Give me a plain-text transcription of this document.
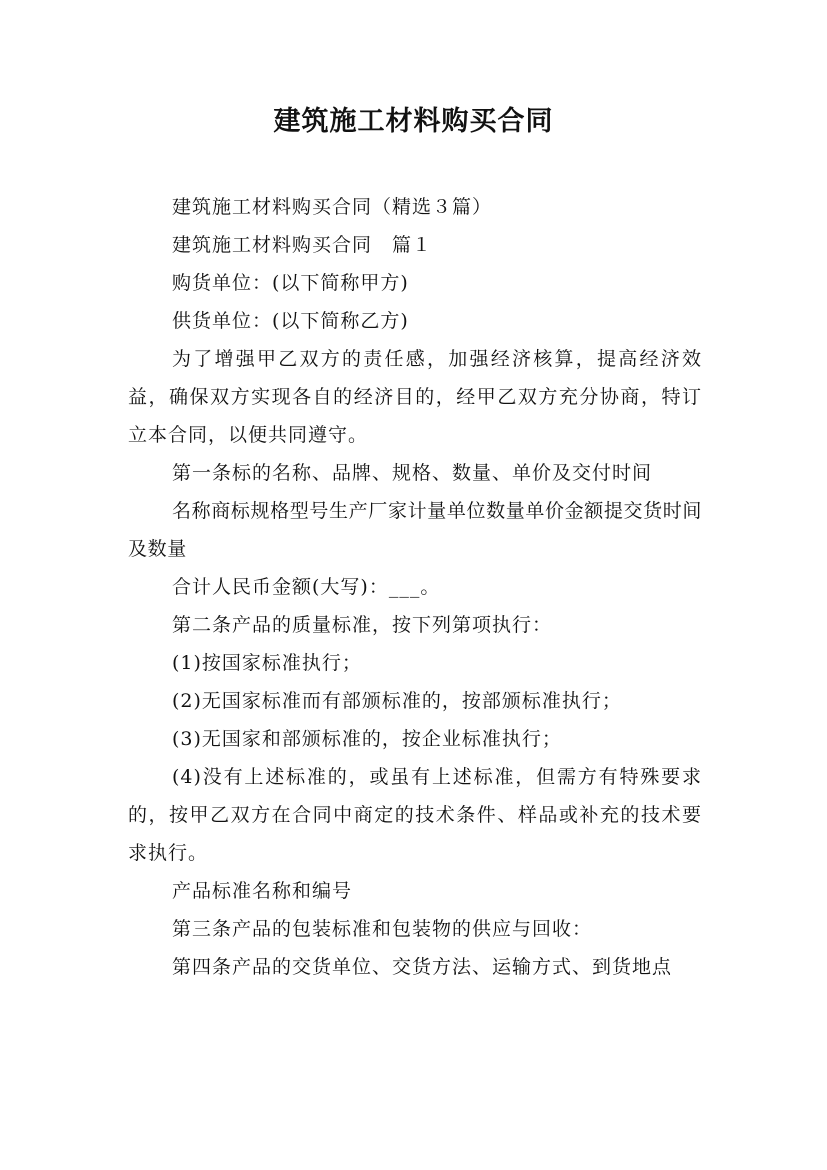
建筑施工材料购买合同

建筑施工材料购买合同（精选３篇）

建筑施工材料购买合同　篇１

购货单位：(以下简称甲方)

供货单位：(以下简称乙方)

为了增强甲乙双方的责任感，加强经济核算，提高经济效益，确保双方实现各自的经济目的，经甲乙双方充分协商，特订立本合同，以便共同遵守。

第一条标的名称、品牌、规格、数量、单价及交付时间

名称商标规格型号生产厂家计量单位数量单价金额提交货时间及数量

合计人民币金额(大写)：___。

第二条产品的质量标准，按下列第项执行：

(1)按国家标准执行；

(2)无国家标准而有部颁标准的，按部颁标准执行；

(3)无国家和部颁标准的，按企业标准执行；

(4)没有上述标准的，或虽有上述标准，但需方有特殊要求的，按甲乙双方在合同中商定的技术条件、样品或补充的技术要求执行。

产品标准名称和编号

第三条产品的包装标准和包装物的供应与回收：

第四条产品的交货单位、交货方法、运输方式、到货地点
